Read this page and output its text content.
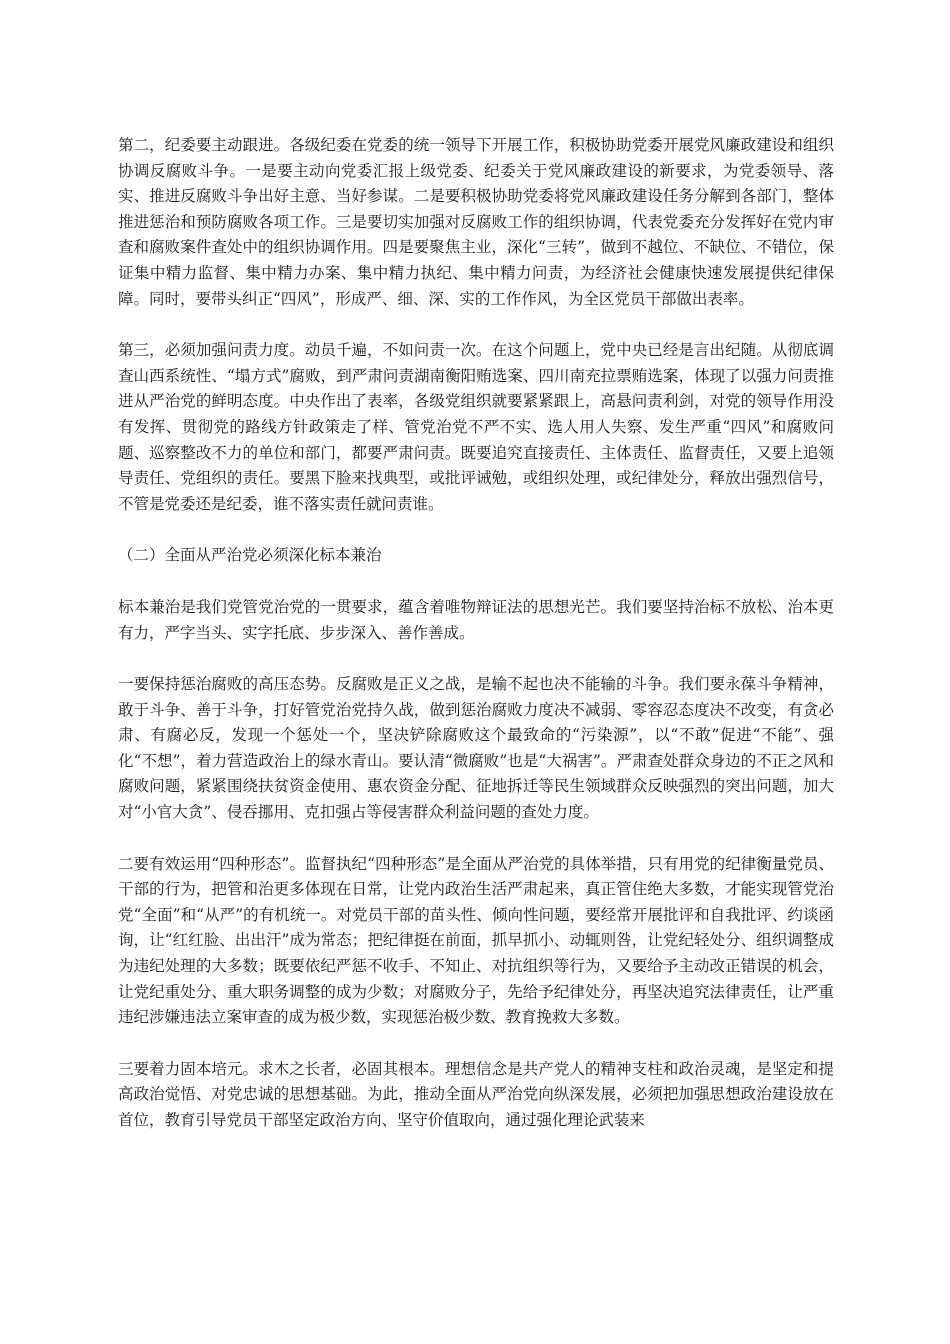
第二，纪委要主动跟进。各级纪委在党委的统一领导下开展工作，积极协助党委开展党风廉政建设和组织协调反腐败斗争。一是要主动向党委汇报上级党委、纪委关于党风廉政建设的新要求，为党委领导、落实、推进反腐败斗争出好主意、当好参谋。二是要积极协助党委将党风廉政建设任务分解到各部门，整体推进惩治和预防腐败各项工作。三是要切实加强对反腐败工作的组织协调，代表党委充分发挥好在党内审查和腐败案件查处中的组织协调作用。四是要聚焦主业，深化“三转”，做到不越位、不缺位、不错位，保证集中精力监督、集中精力办案、集中精力执纪、集中精力问责，为经济社会健康快速发展提供纪律保障。同时，要带头纠正“四风”，形成严、细、深、实的工作作风，为全区党员干部做出表率。

第三，必须加强问责力度。动员千遍，不如问责一次。在这个问题上，党中央已经是言出纪随。从彻底调查山西系统性、“塌方式”腐败，到严肃问责湖南衡阳贿选案、四川南充拉票贿选案，体现了以强力问责推进从严治党的鲜明态度。中央作出了表率，各级党组织就要紧紧跟上，高悬问责利剑，对党的领导作用没有发挥、贯彻党的路线方针政策走了样、管党治党不严不实、选人用人失察、发生严重“四风”和腐败问题、巡察整改不力的单位和部门，都要严肃问责。既要追究直接责任、主体责任、监督责任，又要上追领导责任、党组织的责任。要黑下脸来找典型，或批评诫勉，或组织处理，或纪律处分，释放出强烈信号，不管是党委还是纪委，谁不落实责任就问责谁。

（二）全面从严治党必须深化标本兼治

标本兼治是我们党管党治党的一贯要求，蕴含着唯物辩证法的思想光芒。我们要坚持治标不放松、治本更有力，严字当头、实字托底、步步深入、善作善成。

一要保持惩治腐败的高压态势。反腐败是正义之战，是输不起也决不能输的斗争。我们要永葆斗争精神，敢于斗争、善于斗争，打好管党治党持久战，做到惩治腐败力度决不减弱、零容忍态度决不改变，有贪必肃、有腐必反，发现一个惩处一个，坚决铲除腐败这个最致命的“污染源”，以“不敢”促进“不能”、强化“不想”，着力营造政治上的绿水青山。要认清“微腐败”也是“大祸害”。严肃查处群众身边的不正之风和腐败问题，紧紧围绕扶贫资金使用、惠农资金分配、征地拆迁等民生领域群众反映强烈的突出问题，加大对“小官大贪”、侵吞挪用、克扣强占等侵害群众利益问题的查处力度。

二要有效运用“四种形态”。监督执纪“四种形态”是全面从严治党的具体举措，只有用党的纪律衡量党员、干部的行为，把管和治更多体现在日常，让党内政治生活严肃起来，真正管住绝大多数，才能实现管党治党“全面”和“从严”的有机统一。对党员干部的苗头性、倾向性问题，要经常开展批评和自我批评、约谈函询，让“红红脸、出出汗”成为常态；把纪律挺在前面，抓早抓小、动辄则咎，让党纪轻处分、组织调整成为违纪处理的大多数；既要依纪严惩不收手、不知止、对抗组织等行为，又要给予主动改正错误的机会，让党纪重处分、重大职务调整的成为少数；对腐败分子，先给予纪律处分，再坚决追究法律责任，让严重违纪涉嫌违法立案审查的成为极少数，实现惩治极少数、教育挽救大多数。

三要着力固本培元。求木之长者，必固其根本。理想信念是共产党人的精神支柱和政治灵魂，是坚定和提高政治觉悟、对党忠诚的思想基础。为此，推动全面从严治党向纵深发展，必须把加强思想政治建设放在首位，教育引导党员干部坚定政治方向、坚守价值取向，通过强化理论武装来
